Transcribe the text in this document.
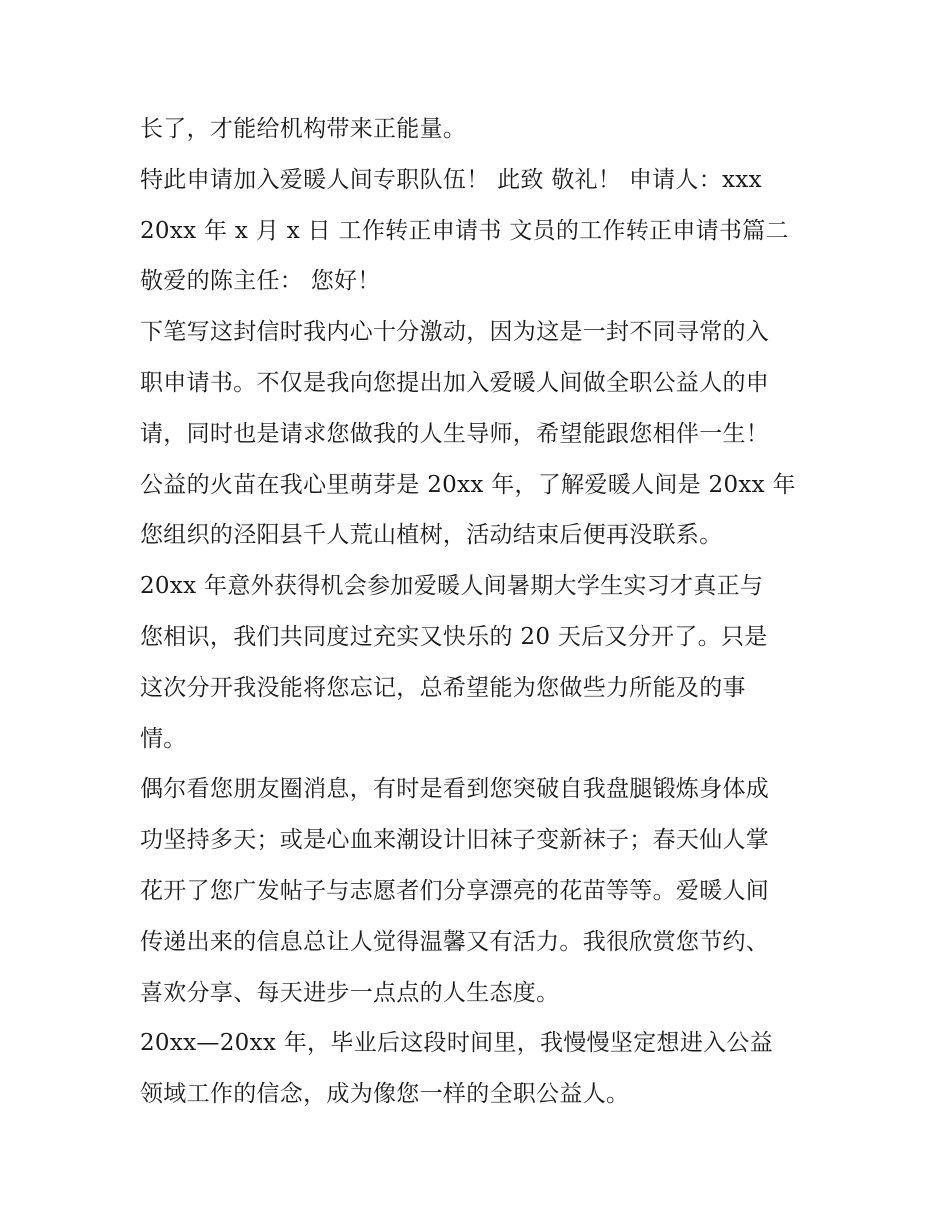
长了，才能给机构带来正能量。
特此申请加入爱暖人间专职队伍！ 此致 敬礼！ 申请人：xxx
20xx 年 x 月 x 日 工作转正申请书 文员的工作转正申请书篇二
敬爱的陈主任： 您好！
下笔写这封信时我内心十分激动，因为这是一封不同寻常的入
职申请书。不仅是我向您提出加入爱暖人间做全职公益人的申
请，同时也是请求您做我的人生导师，希望能跟您相伴一生！
公益的火苗在我心里萌芽是 20xx 年，了解爱暖人间是 20xx 年
您组织的泾阳县千人荒山植树，活动结束后便再没联系。
20xx 年意外获得机会参加爱暖人间暑期大学生实习才真正与
您相识，我们共同度过充实又快乐的 20 天后又分开了。只是
这次分开我没能将您忘记，总希望能为您做些力所能及的事
情。
偶尔看您朋友圈消息，有时是看到您突破自我盘腿锻炼身体成
功坚持多天；或是心血来潮设计旧袜子变新袜子；春天仙人掌
花开了您广发帖子与志愿者们分享漂亮的花苗等等。爱暖人间
传递出来的信息总让人觉得温馨又有活力。我很欣赏您节约、
喜欢分享、每天进步一点点的人生态度。
20xx—20xx 年，毕业后这段时间里，我慢慢坚定想进入公益
领域工作的信念，成为像您一样的全职公益人。
